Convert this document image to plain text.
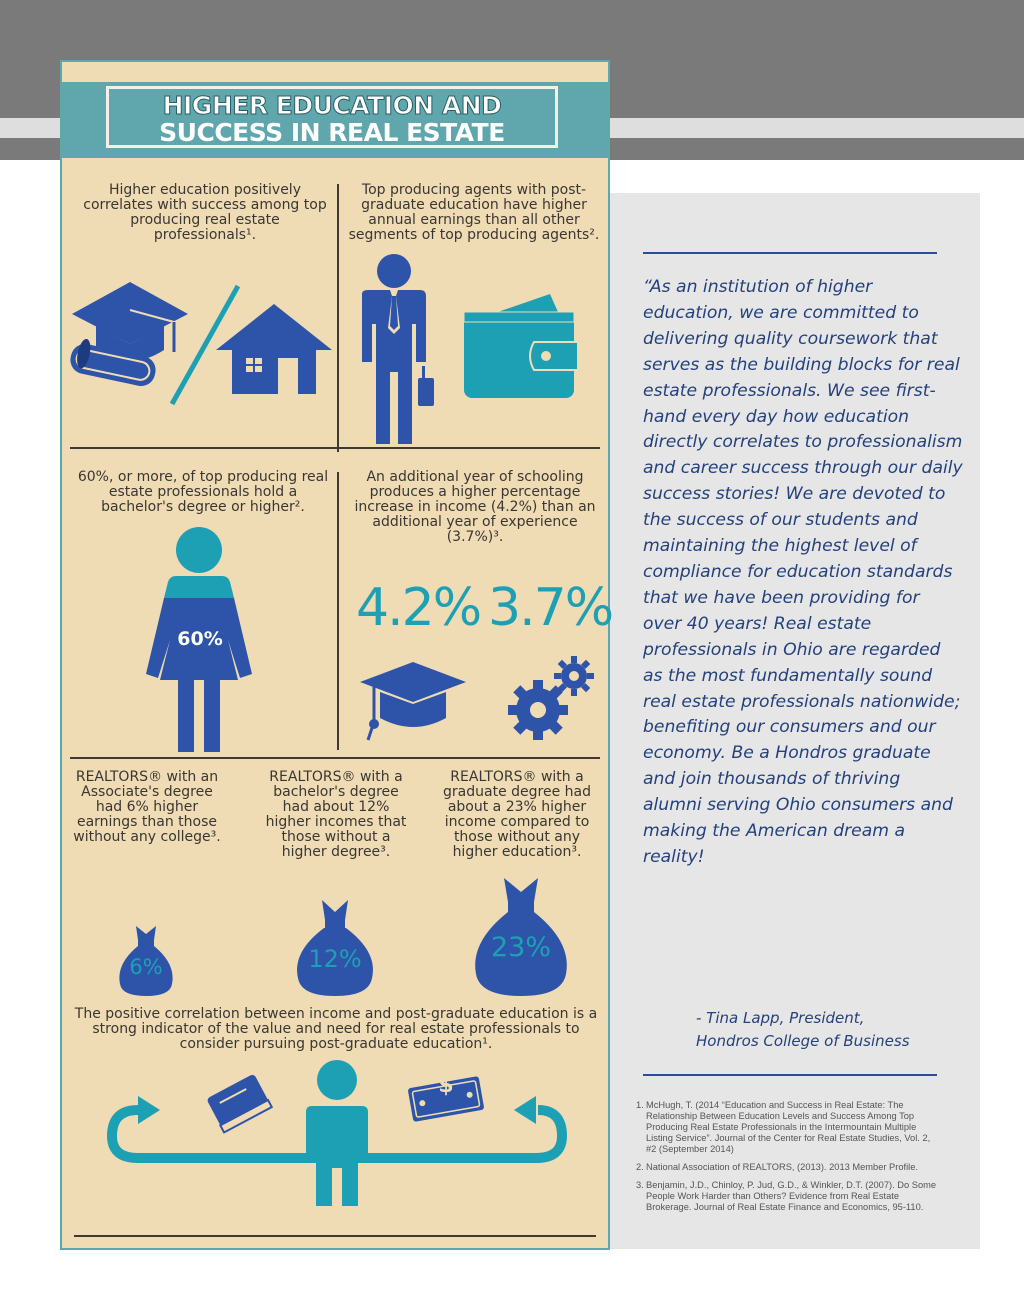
HIGHER EDUCATION AND
SUCCESS IN REAL ESTATE
Higher education positively correlates with success among top producing real estate professionals¹.
Top producing agents with post-graduate education have higher annual earnings than all other segments of top producing agents².
60%, or more, of top producing real estate professionals hold a bachelor's degree or higher².
An additional year of schooling produces a higher percentage increase in income (4.2%) than an additional year of experience (3.7%)³.
60%
4.2% 3.7%
REALTORS® with an Associate's degree had 6% higher earnings than those without any college³.
REALTORS® with a bachelor's degree had about 12% higher incomes that those without a higher degree³.
REALTORS® with a graduate degree had about a 23% higher income compared to those without any higher education³.
6%	12%	23%
The positive correlation between income and post-graduate education is a strong indicator of the value and need for real estate professionals to consider pursuing post-graduate education¹.
$

“As an institution of higher education, we are committed to delivering quality coursework that serves as the building blocks for real estate professionals. We see first-hand every day how education directly correlates to professionalism and career success through our daily success stories! We are devoted to the success of our students and maintaining the highest level of compliance for education standards that we have been providing for over 40 years! Real estate professionals in Ohio are regarded as the most fundamentally sound real estate professionals nationwide; benefiting our consumers and our economy. Be a Hondros graduate and join thousands of thriving alumni serving Ohio consumers and making the American dream a reality!

- Tina Lapp, President,
Hondros College of Business
1. McHugh, T. (2014 “Education and Success in Real Estate: The Relationship Between Education Levels and Success Among Top Producing Real Estate Professionals in the Intermountain Multiple Listing Service”. Journal of the Center for Real Estate Studies, Vol. 2, #2 (September 2014)
2. National Association of REALTORS, (2013). 2013 Member Profile.
3. Benjamin, J.D., Chinloy, P. Jud, G.D., & Winkler, D.T. (2007). Do Some People Work Harder than Others? Evidence from Real Estate Brokerage. Journal of Real Estate Finance and Economics, 95-110.
